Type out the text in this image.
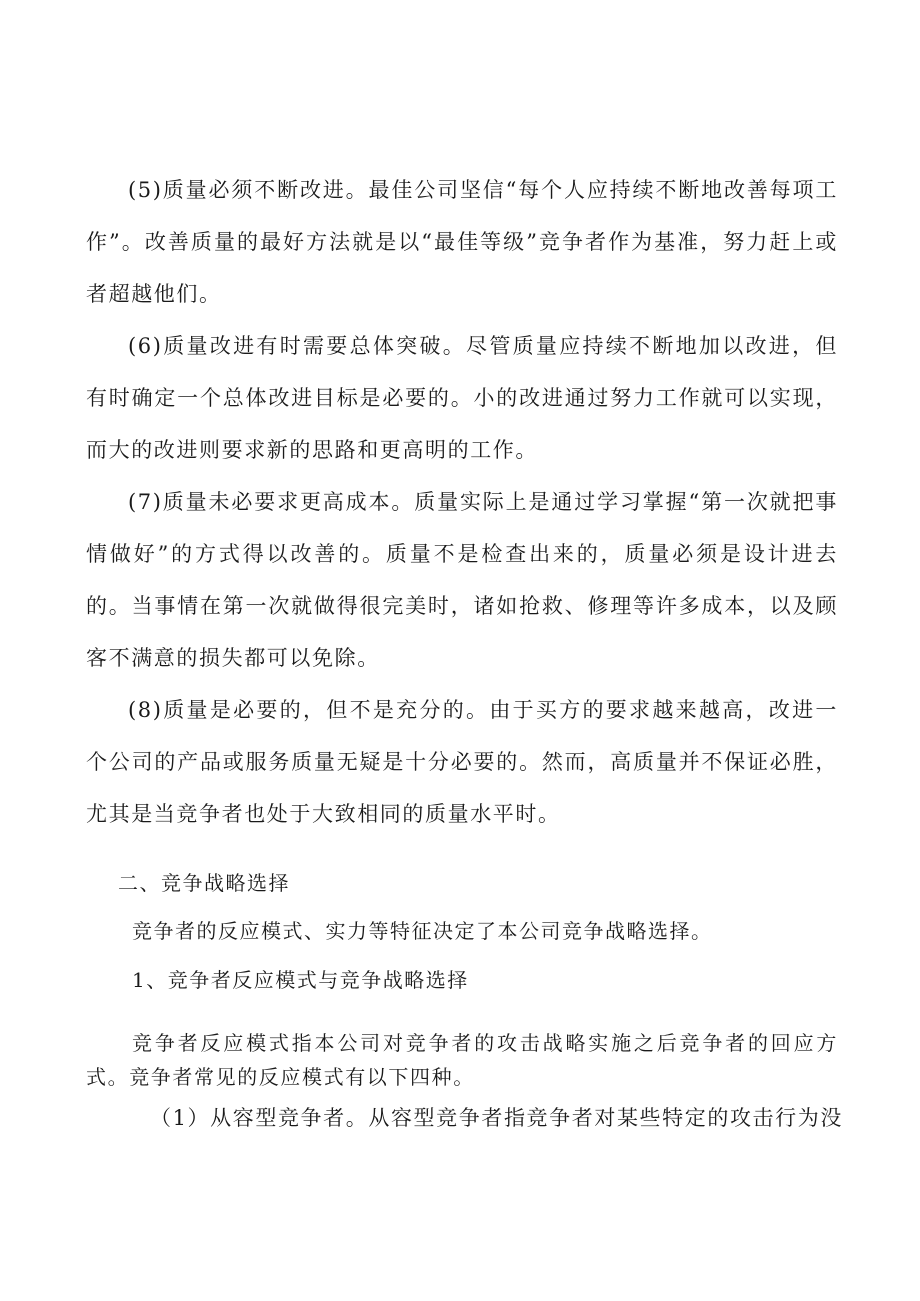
(5)质量必须不断改进。最佳公司坚信“每个人应持续不断地改善每项工作”。改善质量的最好方法就是以“最佳等级”竞争者作为基准，努力赶上或者超越他们。

(6)质量改进有时需要总体突破。尽管质量应持续不断地加以改进，但有时确定一个总体改进目标是必要的。小的改进通过努力工作就可以实现，而大的改进则要求新的思路和更高明的工作。

(7)质量未必要求更高成本。质量实际上是通过学习掌握“第一次就把事情做好”的方式得以改善的。质量不是检查出来的，质量必须是设计进去的。当事情在第一次就做得很完美时，诸如抢救、修理等许多成本，以及顾客不满意的损失都可以免除。

(8)质量是必要的，但不是充分的。由于买方的要求越来越高，改进一个公司的产品或服务质量无疑是十分必要的。然而，高质量并不保证必胜，尤其是当竞争者也处于大致相同的质量水平时。

二、竞争战略选择

竞争者的反应模式、实力等特征决定了本公司竞争战略选择。

1、竞争者反应模式与竞争战略选择

竞争者反应模式指本公司对竞争者的攻击战略实施之后竞争者的回应方式。竞争者常见的反应模式有以下四种。

（1）从容型竞争者。从容型竞争者指竞争者对某些特定的攻击行为没
